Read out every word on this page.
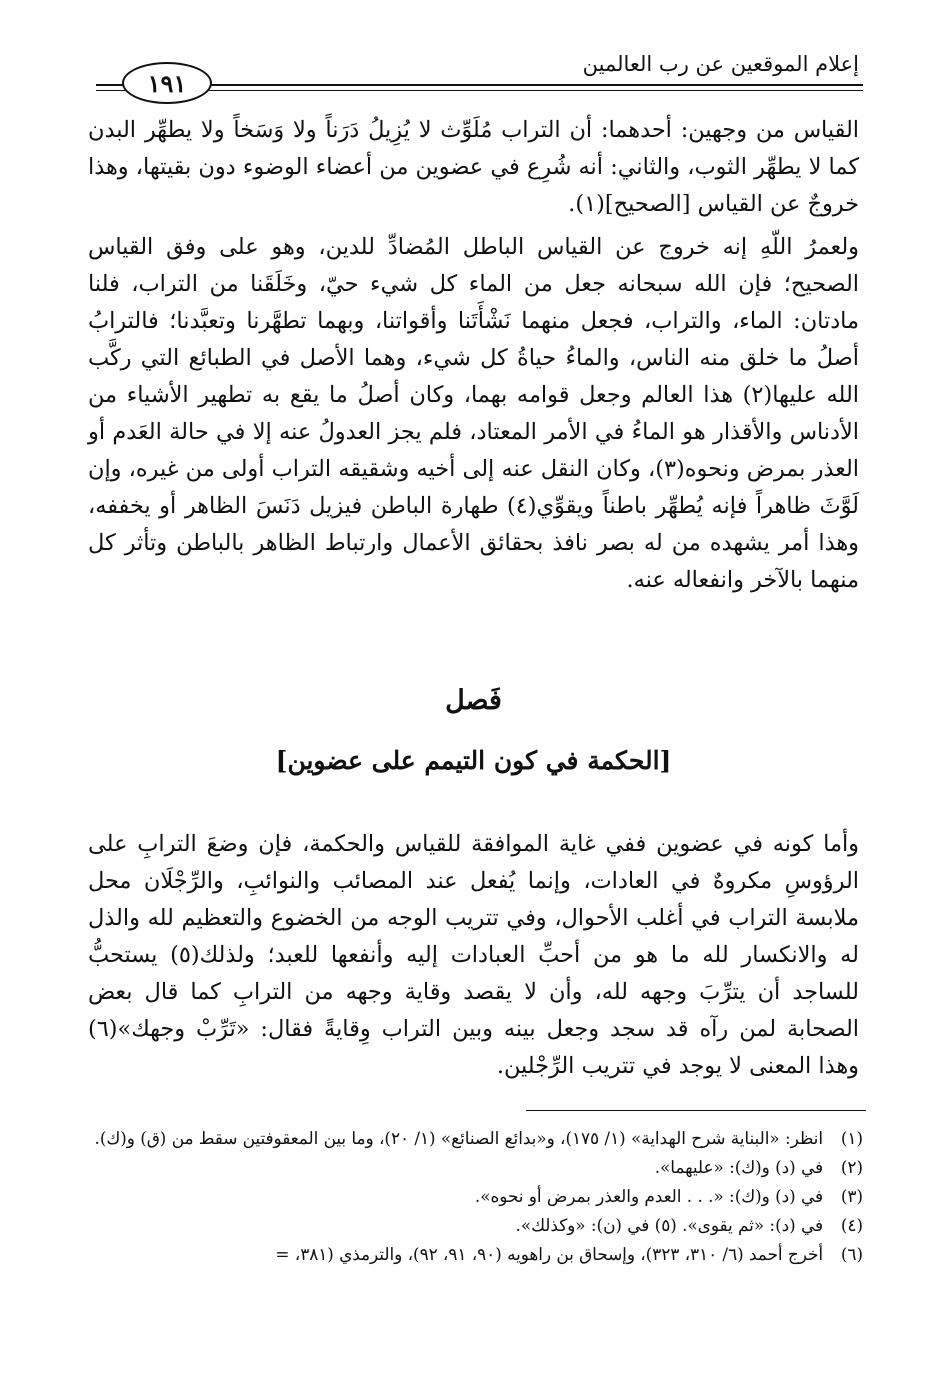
إعلام الموقعين عن رب العالمين
١٩١

القياس من وجهين: أحدهما: أن التراب مُلَوِّث لا يُزِيلُ دَرَناً ولا وَسَخاً ولا يطهِّر البدن كما لا يطهِّر الثوب، والثاني: أنه شُرِع في عضوين من أعضاء الوضوء دون بقيتها، وهذا خروجٌ عن القياس [الصحيح](١).

ولعمرُ اللّهِ إنه خروج عن القياس الباطل المُضادِّ للدين، وهو على وفق القياس الصحيح؛ فإن الله سبحانه جعل من الماء كل شيء حيّ، وخَلَقَنا من التراب، فلنا مادتان: الماء، والتراب، فجعل منهما نَشْأَتَنا وأقواتنا، وبهما تطهَّرنا وتعبَّدنا؛ فالترابُ أصلُ ما خلق منه الناس، والماءُ حياةُ كل شيء، وهما الأصل في الطبائع التي ركَّب الله عليها(٢) هذا العالم وجعل قوامه بهما، وكان أصلُ ما يقع به تطهير الأشياء من الأدناس والأقذار هو الماءُ في الأمر المعتاد، فلم يجز العدولُ عنه إلا في حالة العَدم أو العذر بمرض ونحوه(٣)، وكان النقل عنه إلى أخيه وشقيقه التراب أولى من غيره، وإن لَوَّثَ ظاهراً فإنه يُطهِّر باطناً ويقوِّي(٤) طهارة الباطن فيزيل دَنَسَ الظاهر أو يخففه، وهذا أمر يشهده من له بصر نافذ بحقائق الأعمال وارتباط الظاهر بالباطن وتأثر كل منهما بالآخر وانفعاله عنه.

فَصل
[الحكمة في كون التيمم على عضوين]

وأما كونه في عضوين ففي غاية الموافقة للقياس والحكمة، فإن وضعَ الترابِ على الرؤوسِ مكروهٌ في العادات، وإنما يُفعل عند المصائب والنوائبِ، والرِّجْلَان محل ملابسة التراب في أغلب الأحوال، وفي تتريب الوجه من الخضوع والتعظيم لله والذل له والانكسار لله ما هو من أحبِّ العبادات إليه وأنفعها للعبد؛ ولذلك(٥) يستحبُّ للساجد أن يترِّبَ وجهه لله، وأن لا يقصد وقاية وجهه من الترابِ كما قال بعض الصحابة لمن رآه قد سجد وجعل بينه وبين التراب وِقايةً فقال: «تَرِّبْ وجهك»(٦) وهذا المعنى لا يوجد في تتريب الرِّجْلين.

(١)انظر: «البناية شرح الهداية» (١/ ١٧٥)، و«بدائع الصنائع» (١/ ٢٠)، وما بين المعقوفتين سقط من (ق) و(ك).

(٢)في (د) و(ك): «عليهما».

(٣)في (د) و(ك): «. . . العدم والعذر بمرض أو نحوه».

(٤)في (د): «ثم يقوى». (٥) في (ن): «وكذلك».

(٦)أخرج أحمد (٦/ ٣١٠، ٣٢٣)، وإسحاق بن راهويه (٩٠، ٩١، ٩٢)، والترمذي (٣٨١، =
